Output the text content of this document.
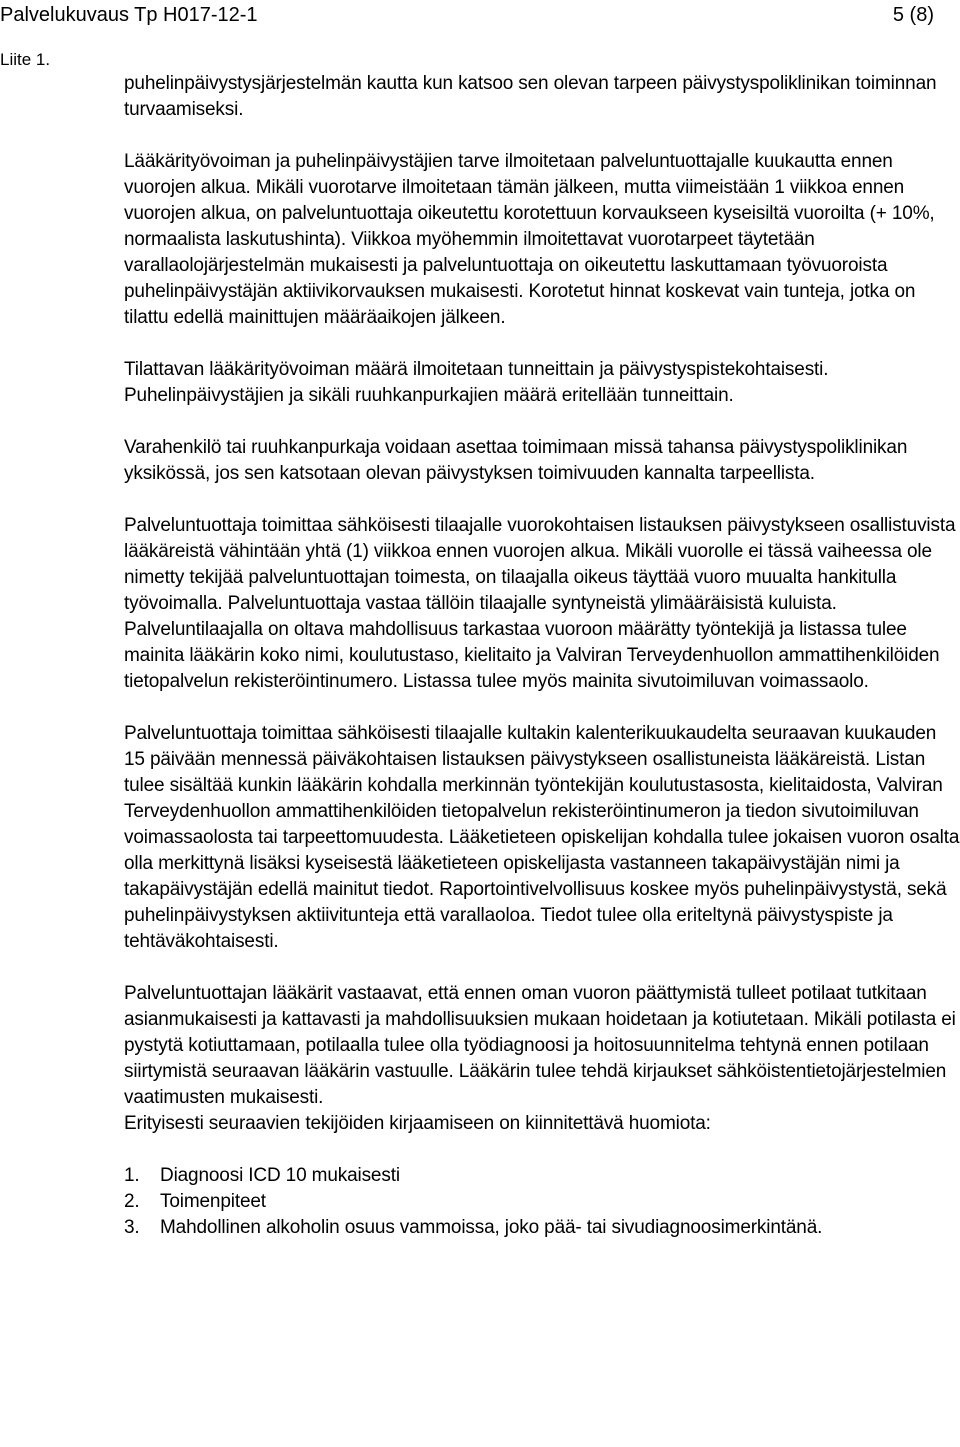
Palvelukuvaus Tp H017-12-1	5 (8)
Liite 1.

puhelinpäivystysjärjestelmän kautta kun katsoo sen olevan tarpeen päivystyspoliklinikan toiminnan turvaamiseksi.

Lääkärityövoiman ja puhelinpäivystäjien tarve ilmoitetaan palveluntuottajalle kuukautta ennen vuorojen alkua. Mikäli vuorotarve ilmoitetaan tämän jälkeen, mutta viimeistään 1 viikkoa ennen vuorojen alkua, on palveluntuottaja oikeutettu korotettuun korvaukseen kyseisiltä vuoroilta (+ 10%, normaalista laskutushinta). Viikkoa myöhemmin ilmoitettavat vuorotarpeet täytetään varallaolojärjestelmän mukaisesti ja palveluntuottaja on oikeutettu laskuttamaan työvuoroista puhelinpäivystäjän aktiivikorvauksen mukaisesti. Korotetut hinnat koskevat vain tunteja, jotka on tilattu edellä mainittujen määräaikojen jälkeen.

Tilattavan lääkärityövoiman määrä ilmoitetaan tunneittain ja päivystyspistekohtaisesti. Puhelinpäivystäjien ja sikäli ruuhkanpurkajien määrä eritellään tunneittain.

Varahenkilö tai ruuhkanpurkaja voidaan asettaa toimimaan missä tahansa päivystyspoliklinikan yksikössä, jos sen katsotaan olevan päivystyksen toimivuuden kannalta tarpeellista.

Palveluntuottaja toimittaa sähköisesti tilaajalle vuorokohtaisen listauksen päivystykseen osallistuvista lääkäreistä vähintään yhtä (1) viikkoa ennen vuorojen alkua. Mikäli vuorolle ei tässä vaiheessa ole nimetty tekijää palveluntuottajan toimesta, on tilaajalla oikeus täyttää vuoro muualta hankitulla työvoimalla. Palveluntuottaja vastaa tällöin tilaajalle syntyneistä ylimääräisistä kuluista. Palveluntilaajalla on oltava mahdollisuus tarkastaa vuoroon määrätty työntekijä ja listassa tulee mainita lääkärin koko nimi, koulutustaso, kielitaito ja Valviran Terveydenhuollon ammattihenkilöiden tietopalvelun rekisteröintinumero. Listassa tulee myös mainita sivutoimiluvan voimassaolo.

Palveluntuottaja toimittaa sähköisesti tilaajalle kultakin kalenterikuukaudelta seuraavan kuukauden 15 päivään mennessä päiväkohtaisen listauksen päivystykseen osallistuneista lääkäreistä. Listan tulee sisältää kunkin lääkärin kohdalla merkinnän työntekijän koulutustasosta, kielitaidosta, Valviran Terveydenhuollon ammattihenkilöiden tietopalvelun rekisteröintinumeron ja tiedon sivutoimiluvan voimassaolosta tai tarpeettomuudesta. Lääketieteen opiskelijan kohdalla tulee jokaisen vuoron osalta olla merkittynä lisäksi kyseisestä lääketieteen opiskelijasta vastanneen takapäivystäjän nimi ja takapäivystäjän edellä mainitut tiedot. Raportointivelvollisuus koskee myös puhelinpäivystystä, sekä puhelinpäivystyksen aktiivitunteja että varallaoloa. Tiedot tulee olla eriteltynä päivystyspiste ja tehtäväkohtaisesti.

Palveluntuottajan lääkärit vastaavat, että ennen oman vuoron päättymistä tulleet potilaat tutkitaan asianmukaisesti ja kattavasti ja mahdollisuuksien mukaan hoidetaan ja kotiutetaan. Mikäli potilasta ei pystytä kotiuttamaan, potilaalla tulee olla työdiagnoosi ja hoitosuunnitelma tehtynä ennen potilaan siirtymistä seuraavan lääkärin vastuulle. Lääkärin tulee tehdä kirjaukset sähköistentietojärjestelmien vaatimusten mukaisesti.

Erityisesti seuraavien tekijöiden kirjaamiseen on kiinnitettävä huomiota:

1.	Diagnoosi ICD 10 mukaisesti
2.	Toimenpiteet
3.	Mahdollinen alkoholin osuus vammoissa, joko pää- tai sivudiagnoosimerkintänä.
